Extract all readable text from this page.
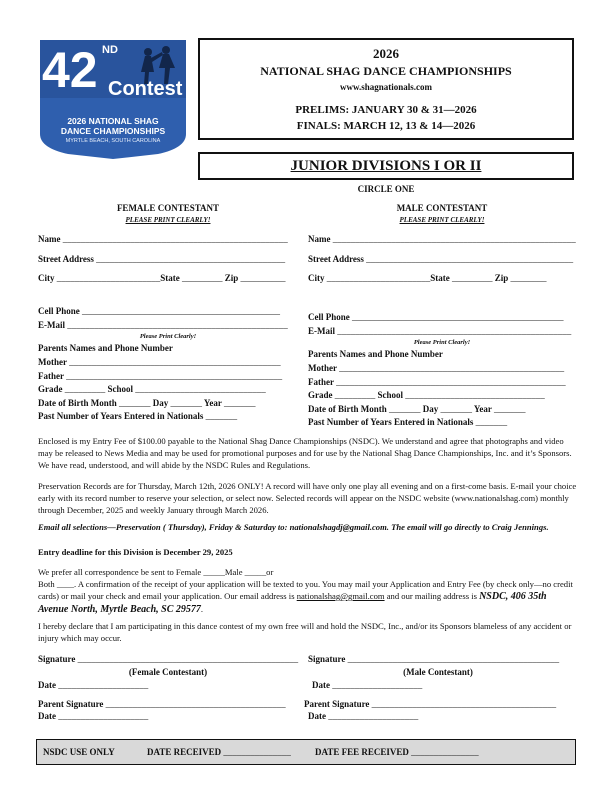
42 ND
Contest
2026 NATIONAL SHAG
DANCE CHAMPIONSHIPS
MYRTLE BEACH, SOUTH CAROLINA
2026
NATIONAL SHAG DANCE CHAMPIONSHIPS
www.shagnationals.com
PRELIMS: JANUARY 30 & 31—2026
FINALS: MARCH 12, 13 & 14—2026
JUNIOR DIVISIONS I OR II
CIRCLE ONE
FEMALE CONTESTANT
PLEASE PRINT CLEARLY!
MALE CONTESTANT
PLEASE PRINT CLEARLY!
Name __________________________________________________
Street Address __________________________________________
City _______________________State _________ Zip __________
Cell Phone ____________________________________________
E-Mail _________________________________________________
Please Print Clearly!
Parents Names and Phone Number
Mother _______________________________________________
Father ________________________________________________
Grade _________ School _____________________________
Date of Birth Month _______ Day _______ Year _______
Past Number of Years Entered in Nationals _______
Name ______________________________________________________
Street Address ______________________________________________
City _______________________State _________ Zip ________
Cell Phone _______________________________________________
E-Mail ____________________________________________________
Please Print Clearly!
Parents Names and Phone Number
Mother __________________________________________________
Father ___________________________________________________
Grade _________ School _______________________________
Date of Birth Month _______ Day _______ Year _______
Past Number of Years Entered in Nationals _______

Enclosed is my Entry Fee of $100.00 payable to the National Shag Dance Championships (NSDC). We understand and agree that photographs and video may be released to News Media and may be used for promotional purposes and for use by the National Shag Dance Championships, Inc. and it’s Sponsors. We have read, understood, and will abide by the NSDC Rules and Regulations.

Preservation Records are for Thursday, March 12th, 2026 ONLY! A record will have only one play all evening and on a first-come basis. E-mail your choice early with its record number to reserve your selection, or select now. Selected records will appear on the NSDC website (www.nationalshag.com) monthly through December, 2025 and weekly January through March 2026.

Email all selections—Preservation ( Thursday), Friday & Saturday to: nationalshagdj@gmail.com. The email will go directly to Craig Jennings.

Entry deadline for this Division is December 29, 2025

We prefer all correspondence be sent to Female _____Male _____or

Both ____. A confirmation of the receipt of your application will be texted to you. You may mail your Application and Entry Fee (by check only—no credit cards) or mail your check and email your application. Our email address is nationalshag@gmail.com and our mailing address is NSDC, 406 35th Avenue North, Myrtle Beach, SC 29577.

I hereby declare that I am participating in this dance contest of my own free will and hold the NSDC, Inc., and/or its Sponsors blameless of any accident or injury which may occur.

Signature _________________________________________________
(Female Contestant)
Date ____________________
Parent Signature ________________________________________
Date ____________________
Signature _______________________________________________
(Male Contestant)
Date ____________________
Parent Signature _________________________________________
Date ____________________
NSDC USE ONLY	DATE RECEIVED _______________	DATE FEE RECEIVED _______________
